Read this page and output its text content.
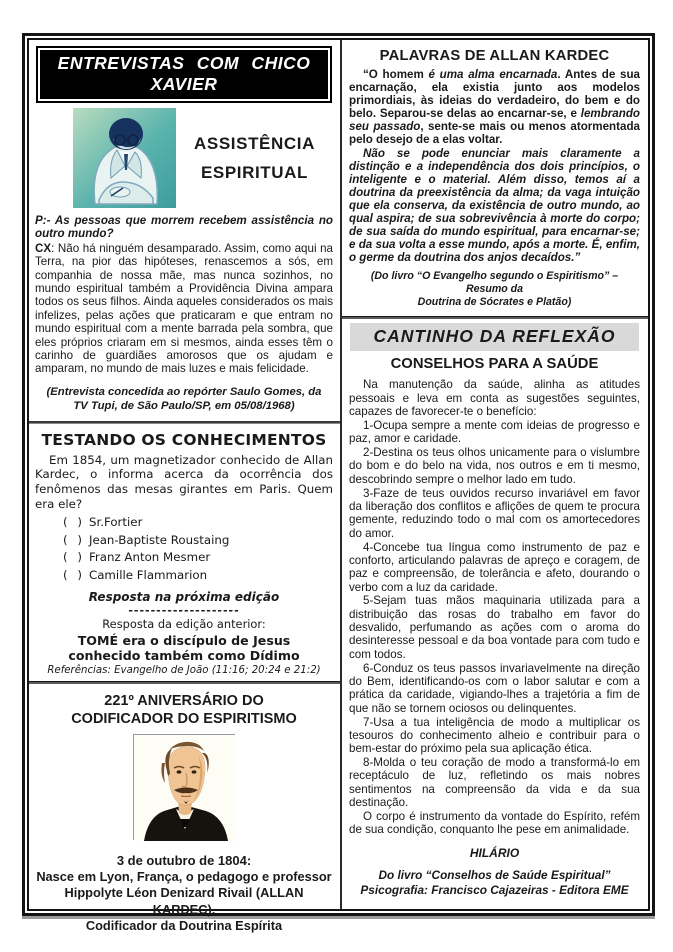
ENTREVISTAS COM CHICO XAVIER
ASSISTÊNCIA
ESPIRITUAL

P:- As pessoas que morrem recebem assistência no outro mundo?

CX: Não há ninguém desamparado. Assim, como aqui na Terra, na pior das hipóteses, renascemos a sós, em companhia de nossa mãe, mas nunca sozinhos, no mundo espiritual também a Providência Divina ampara todos os seus filhos. Ainda aqueles considerados os mais infelizes, pelas ações que praticaram e que entram no mundo espiritual com a mente barrada pela sombra, que eles próprios criaram em si mesmos, ainda esses têm o carinho de guardiães amorosos que os ajudam e amparam, no mundo de mais luzes e mais felicidade.

(Entrevista concedida ao repórter Saulo Gomes, da TV Tupi, de São Paulo/SP, em 05/08/1968)

TESTANDO OS CONHECIMENTOS

Em 1854, um magnetizador conhecido de Allan Kardec, o informa acerca da ocorrência dos fenômenos das mesas girantes em Paris. Quem era ele?

( ) Sr.Fortier
( ) Jean-Baptiste Roustaing
( ) Franz Anton Mesmer
( ) Camille Flammarion
Resposta na próxima edição
--------------------
Resposta da edição anterior:
TOMÉ era o discípulo de Jesus conhecido também como Dídimo
Referências: Evangelho de João (11:16; 20:24 e 21:2)
221º ANIVERSÁRIO DO
CODIFICADOR DO ESPIRITISMO
3 de outubro de 1804:
Nasce em Lyon, França, o pedagogo e professor
Hippolyte Léon Denizard Rivail (ALLAN KARDEC),
Codificador da Doutrina Espírita
PALAVRAS DE ALLAN KARDEC

“O homem é uma alma encarnada. Antes de sua encarnação, ela existia junto aos modelos primordiais, às ideias do verdadeiro, do bem e do belo. Separou-se delas ao encarnar-se, e lembrando seu passado, sente-se mais ou menos atormentada pelo desejo de a elas voltar.

Não se pode enunciar mais claramente a distinção e a independência dos dois princípios, o inteligente e o material. Além disso, temos aí a doutrina da preexistência da alma; da vaga intuição que ela conserva, da existência de outro mundo, ao qual aspira; de sua sobrevivência à morte do corpo; de sua saída do mundo espiritual, para encarnar-se; e da sua volta a esse mundo, após a morte. É, enfim, o germe da doutrina dos anjos decaídos.”

(Do livro “O Evangelho segundo o Espiritismo” – Resumo da
Doutrina de Sócrates e Platão)
CANTINHO DA REFLEXÃO
CONSELHOS PARA A SAÚDE

Na manutenção da saúde, alinha as atitudes pessoais e leva em conta as sugestões seguintes, capazes de favorecer-te o benefício:

1-Ocupa sempre a mente com ideias de progresso e paz, amor e caridade.

2-Destina os teus olhos unicamente para o vislumbre do bom e do belo na vida, nos outros e em ti mesmo, descobrindo sempre o melhor lado em tudo.

3-Faze de teus ouvidos recurso invariável em favor da liberação dos conflitos e aflições de quem te procura gemente, reduzindo todo o mal com os amortecedores do amor.

4-Concebe tua língua como instrumento de paz e conforto, articulando palavras de apreço e coragem, de paz e compreensão, de tolerância e afeto, dourando o verbo com a luz da caridade.

5-Sejam tuas mãos maquinaria utilizada para a distribuição das rosas do trabalho em favor do desvalido, perfumando as ações com o aroma do desinteresse pessoal e da boa vontade para com tudo e com todos.

6-Conduz os teus passos invariavelmente na direção do Bem, identificando-os com o labor salutar e com a prática da caridade, vigiando-lhes a trajetória a fim de que não se tornem ociosos ou delinquentes.

7-Usa a tua inteligência de modo a multiplicar os tesouros do conhecimento alheio e contribuir para o bem-estar do próximo pela sua aplicação ética.

8-Molda o teu coração de modo a transformá-lo em receptáculo de luz, refletindo os mais nobres sentimentos na compreensão da vida e da sua destinação.

O corpo é instrumento da vontade do Espírito, refém de sua condição, conquanto lhe pese em animalidade.

HILÁRIO
Do livro “Conselhos de Saúde Espiritual”
Psicografia: Francisco Cajazeiras - Editora EME
